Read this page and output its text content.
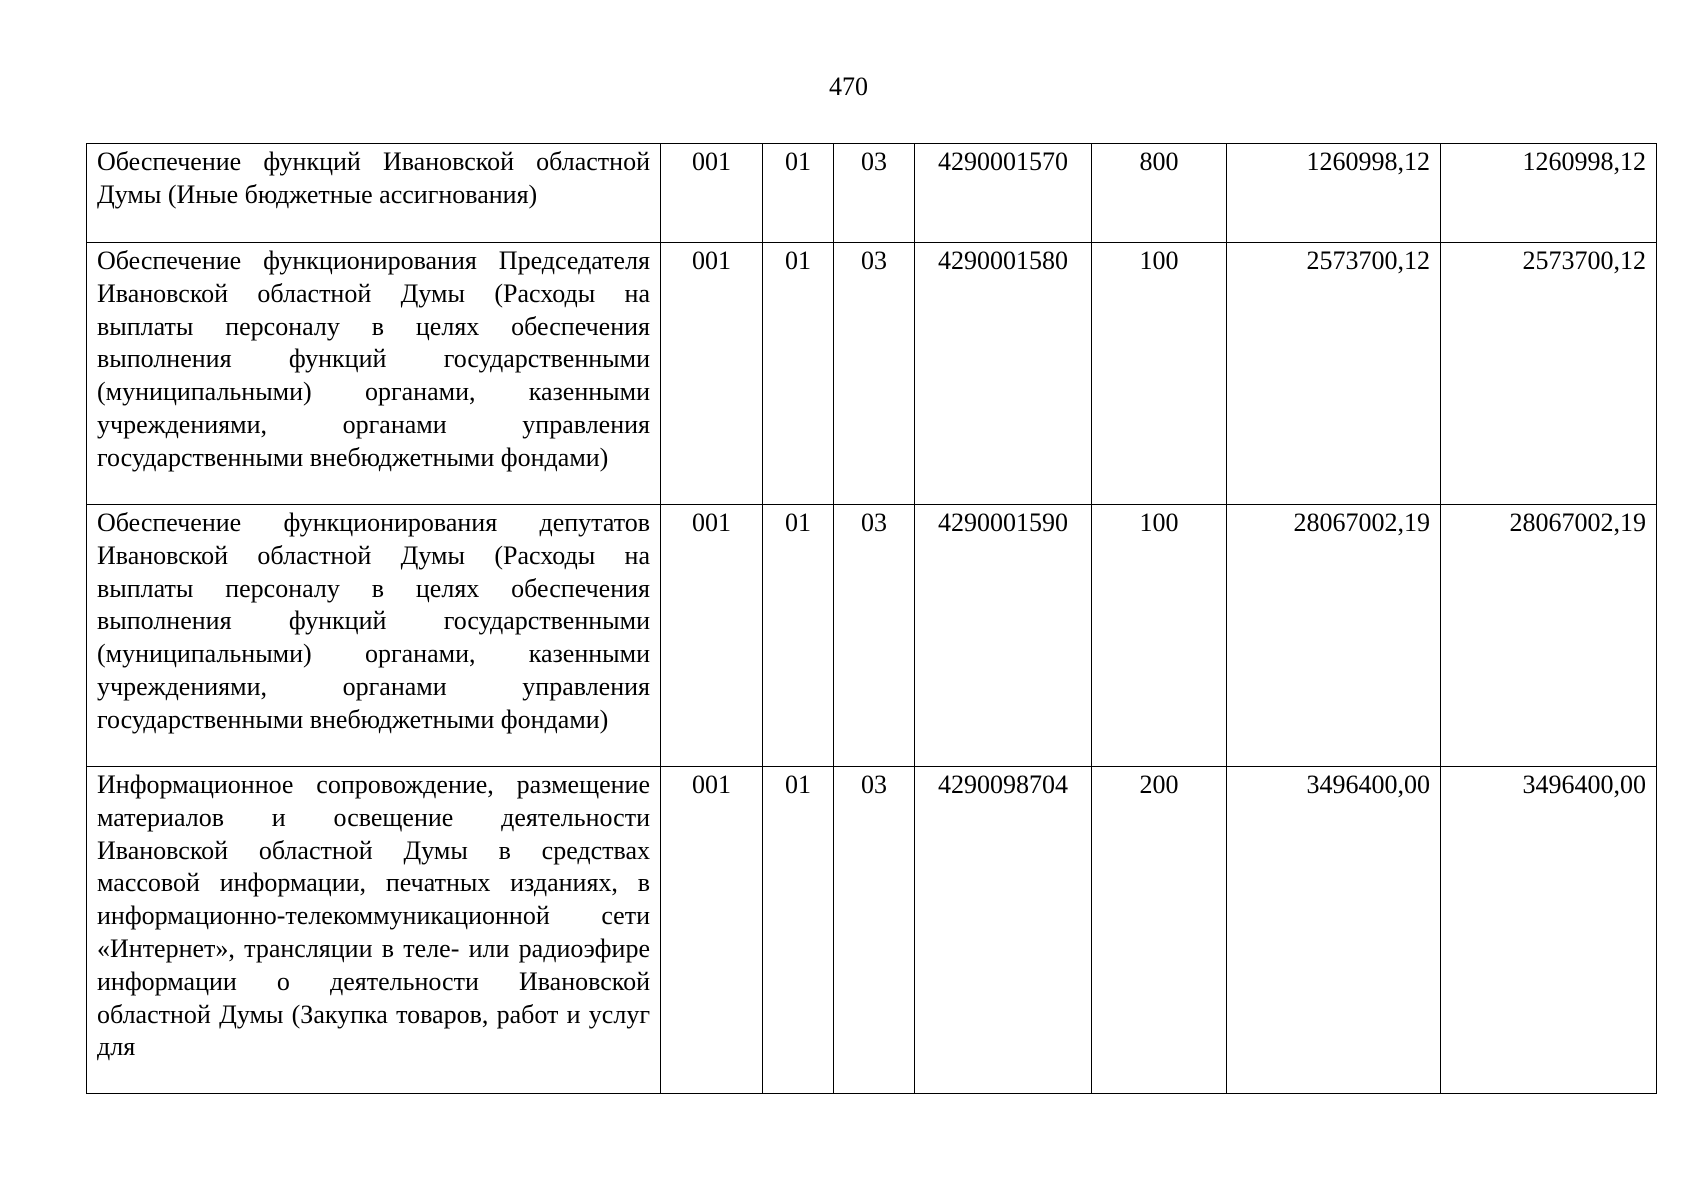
470
Обеспечение функций Ивановской областной Думы (Иные бюджетные ассигнования)	001	01	03	4290001570	800	1260998,12	1260998,12
Обеспечение функционирования Председателя Ивановской областной Думы (Расходы на выплаты персоналу в целях обеспечения выполнения функций государственными (муниципальными) органами, казенными учреждениями, органами управления государственными внебюджетными фондами)	001	01	03	4290001580	100	2573700,12	2573700,12
Обеспечение функционирования депутатов Ивановской областной Думы (Расходы на выплаты персоналу в целях обеспечения выполнения функций государственными (муниципальными) органами, казенными учреждениями, органами управления государственными внебюджетными фондами)	001	01	03	4290001590	100	28067002,19	28067002,19
Информационное сопровождение, размещение материалов и освещение деятельности Ивановской областной Думы в средствах массовой информации, печатных изданиях, в информационно-телекоммуникационной сети «Интернет», трансляции в теле- или радиоэфире информации о деятельности Ивановской областной Думы (Закупка товаров, работ и услуг для	001	01	03	4290098704	200	3496400,00	3496400,00
